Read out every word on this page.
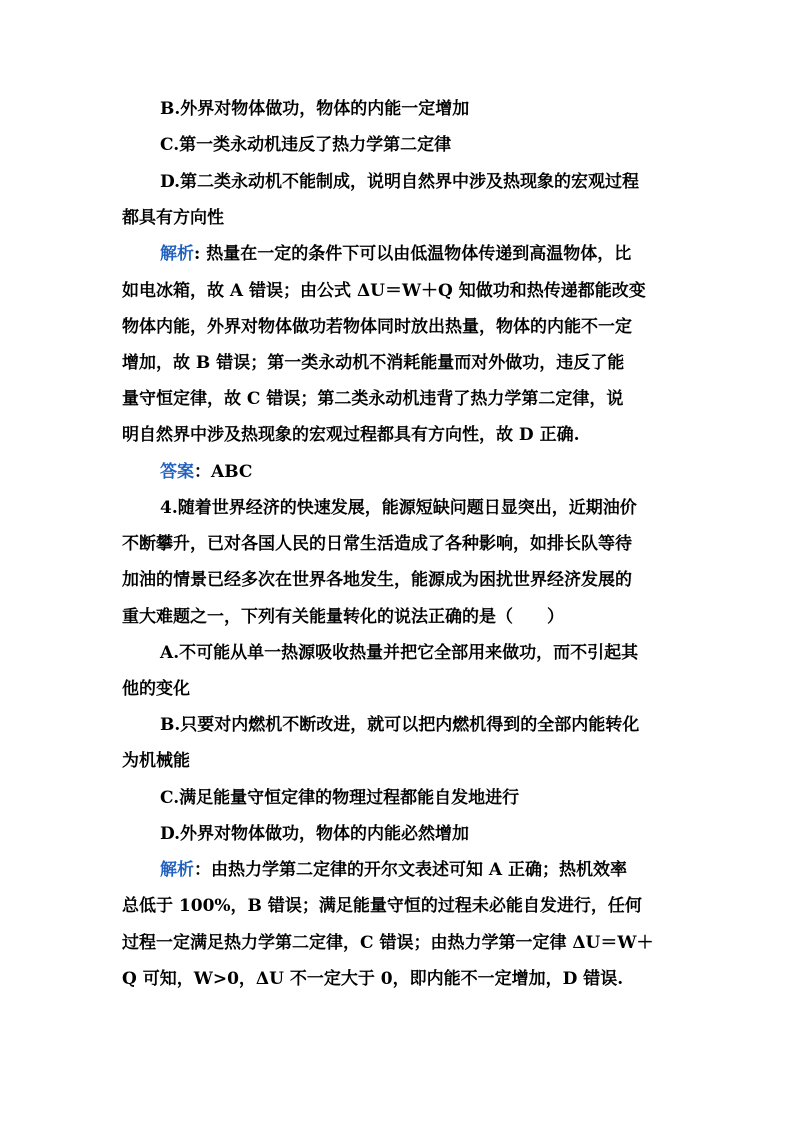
B.外界对物体做功，物体的内能一定增加
C.第一类永动机违反了热力学第二定律
D.第二类永动机不能制成，说明自然界中涉及热现象的宏观过程
都具有方向性
解析: 热量在一定的条件下可以由低温物体传递到高温物体，比
如电冰箱，故 A 错误；由公式 ΔU＝W＋Q 知做功和热传递都能改变
物体内能，外界对物体做功若物体同时放出热量，物体的内能不一定
增加，故 B 错误；第一类永动机不消耗能量而对外做功，违反了能
量守恒定律，故 C 错误；第二类永动机违背了热力学第二定律，说
明自然界中涉及热现象的宏观过程都具有方向性，故 D 正确.
答案：ABC
4.随着世界经济的快速发展，能源短缺问题日显突出，近期油价
不断攀升，已对各国人民的日常生活造成了各种影响，如排长队等待
加油的情景已经多次在世界各地发生，能源成为困扰世界经济发展的
重大难题之一，下列有关能量转化的说法正确的是（　　）
A.不可能从单一热源吸收热量并把它全部用来做功，而不引起其
他的变化
B.只要对内燃机不断改进，就可以把内燃机得到的全部内能转化
为机械能
C.满足能量守恒定律的物理过程都能自发地进行
D.外界对物体做功，物体的内能必然增加
解析：由热力学第二定律的开尔文表述可知 A 正确；热机效率
总低于 100%，B 错误；满足能量守恒的过程未必能自发进行，任何
过程一定满足热力学第二定律，C 错误；由热力学第一定律 ΔU＝W＋
Q 可知，W>0，ΔU 不一定大于 0，即内能不一定增加，D 错误.
